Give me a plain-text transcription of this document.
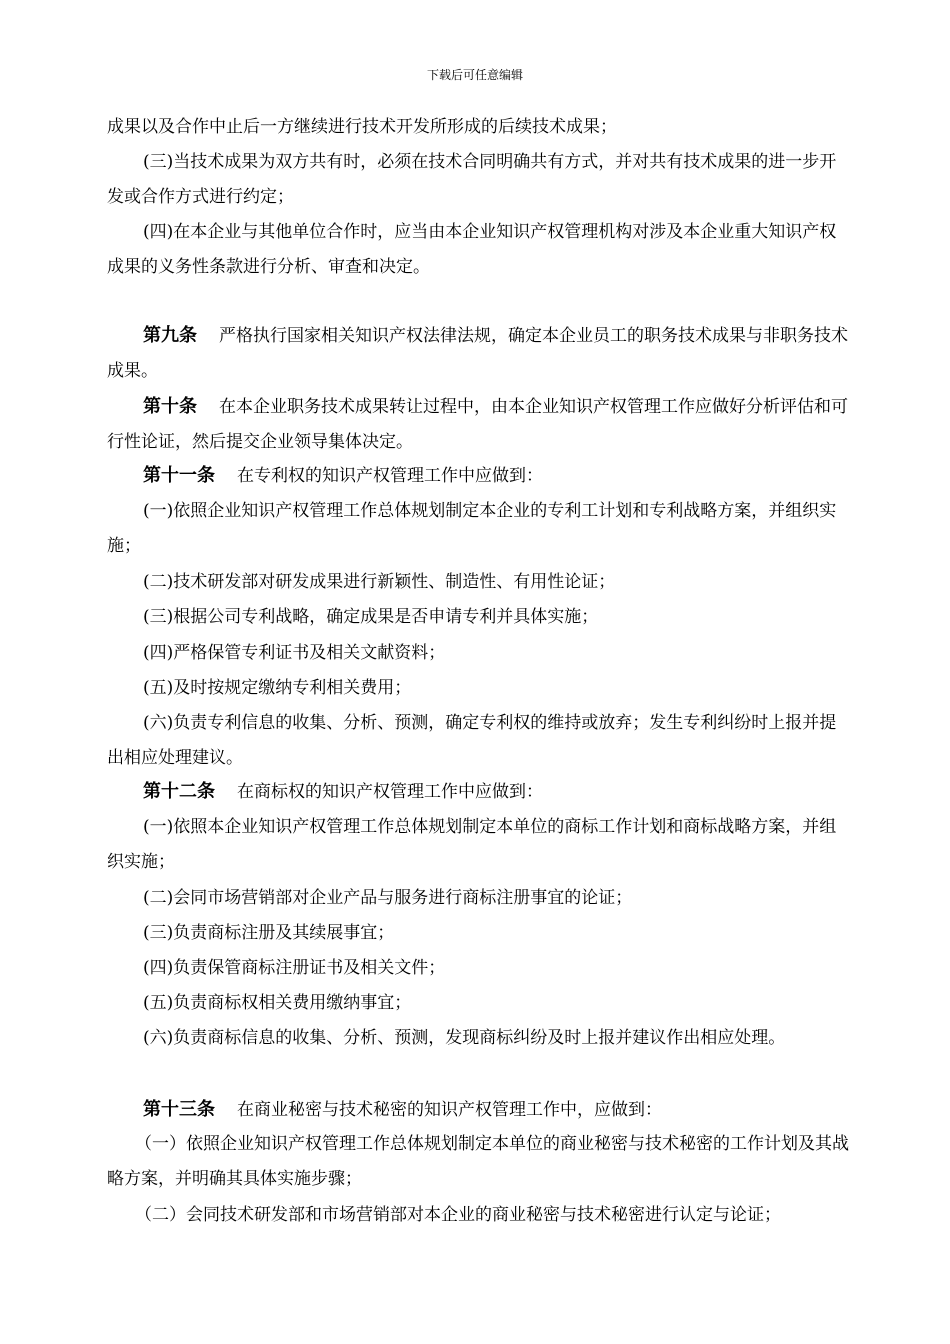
下载后可任意编辑

成果以及合作中止后一方继续进行技术开发所形成的后续技术成果；

(三)当技术成果为双方共有时，必须在技术合同明确共有方式，并对共有技术成果的进一步开发或合作方式进行约定；

(四)在本企业与其他单位合作时，应当由本企业知识产权管理机构对涉及本企业重大知识产权成果的义务性条款进行分析、审查和决定。

第九条 严格执行国家相关知识产权法律法规，确定本企业员工的职务技术成果与非职务技术成果。

第十条 在本企业职务技术成果转让过程中，由本企业知识产权管理工作应做好分析评估和可行性论证，然后提交企业领导集体决定。

第十一条 在专利权的知识产权管理工作中应做到：

(一)依照企业知识产权管理工作总体规划制定本企业的专利工计划和专利战略方案，并组织实施；

(二)技术研发部对研发成果进行新颖性、制造性、有用性论证；

(三)根据公司专利战略，确定成果是否申请专利并具体实施；

(四)严格保管专利证书及相关文献资料；

(五)及时按规定缴纳专利相关费用；

(六)负责专利信息的收集、分析、预测，确定专利权的维持或放弃；发生专利纠纷时上报并提出相应处理建议。

第十二条 在商标权的知识产权管理工作中应做到：

(一)依照本企业知识产权管理工作总体规划制定本单位的商标工作计划和商标战略方案，并组织实施；

(二)会同市场营销部对企业产品与服务进行商标注册事宜的论证；

(三)负责商标注册及其续展事宜；

(四)负责保管商标注册证书及相关文件；

(五)负责商标权相关费用缴纳事宜；

(六)负责商标信息的收集、分析、预测，发现商标纠纷及时上报并建议作出相应处理。

第十三条 在商业秘密与技术秘密的知识产权管理工作中，应做到：

（一）依照企业知识产权管理工作总体规划制定本单位的商业秘密与技术秘密的工作计划及其战略方案，并明确其具体实施步骤；

（二）会同技术研发部和市场营销部对本企业的商业秘密与技术秘密进行认定与论证；
